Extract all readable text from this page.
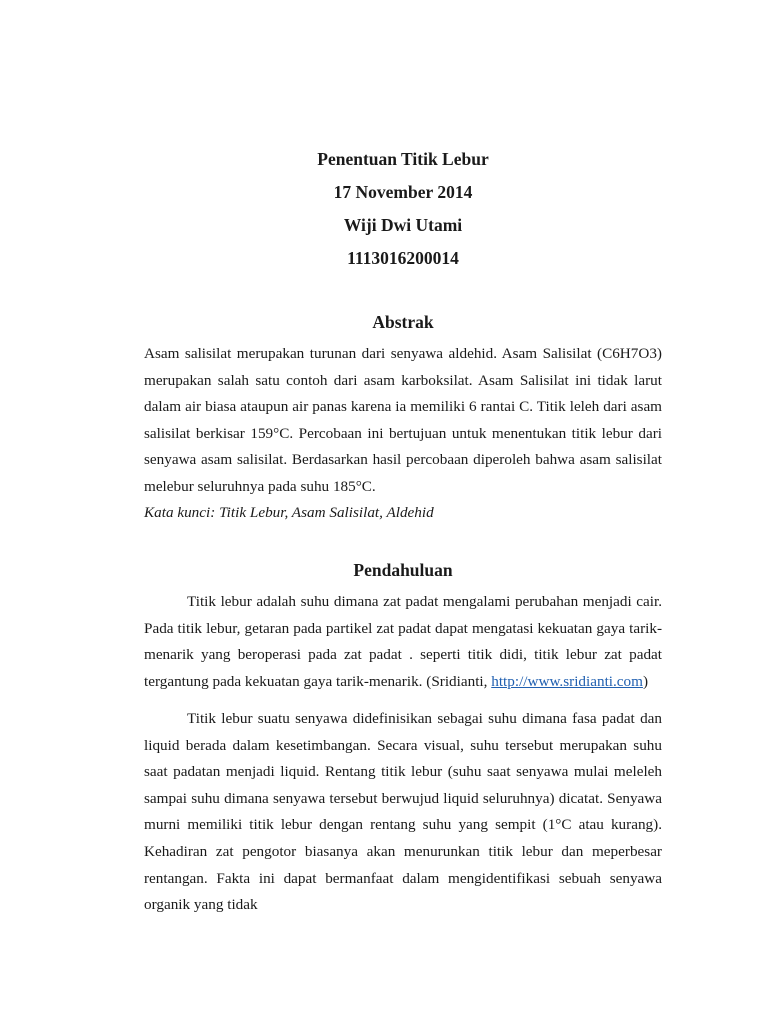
Penentuan Titik Lebur
17 November 2014
Wiji Dwi Utami
1113016200014
Abstrak
Asam salisilat merupakan turunan dari senyawa aldehid. Asam Salisilat (C6H7O3) merupakan salah satu contoh dari asam karboksilat. Asam Salisilat ini tidak larut dalam air biasa ataupun air panas karena ia memiliki 6 rantai C. Titik leleh dari asam salisilat berkisar 159°C. Percobaan ini bertujuan untuk menentukan titik lebur dari senyawa asam salisilat. Berdasarkan hasil percobaan diperoleh bahwa asam salisilat melebur seluruhnya pada suhu 185°C.
Kata kunci: Titik Lebur, Asam Salisilat, Aldehid
Pendahuluan
Titik lebur adalah suhu dimana zat padat mengalami perubahan menjadi cair. Pada titik lebur, getaran pada partikel zat padat dapat mengatasi kekuatan gaya tarik-menarik yang beroperasi pada zat padat . seperti titik didi, titik lebur zat padat tergantung pada kekuatan gaya tarik-menarik. (Sridianti, http://www.sridianti.com)
Titik lebur suatu senyawa didefinisikan sebagai suhu dimana fasa padat dan liquid berada dalam kesetimbangan. Secara visual, suhu tersebut merupakan suhu saat padatan menjadi liquid. Rentang titik lebur (suhu saat senyawa mulai meleleh sampai suhu dimana senyawa tersebut berwujud liquid seluruhnya) dicatat. Senyawa murni memiliki titik lebur dengan rentang suhu yang sempit (1°C atau kurang). Kehadiran zat pengotor biasanya akan menurunkan titik lebur dan meperbesar rentangan. Fakta ini dapat bermanfaat dalam mengidentifikasi sebuah senyawa organik yang tidak
